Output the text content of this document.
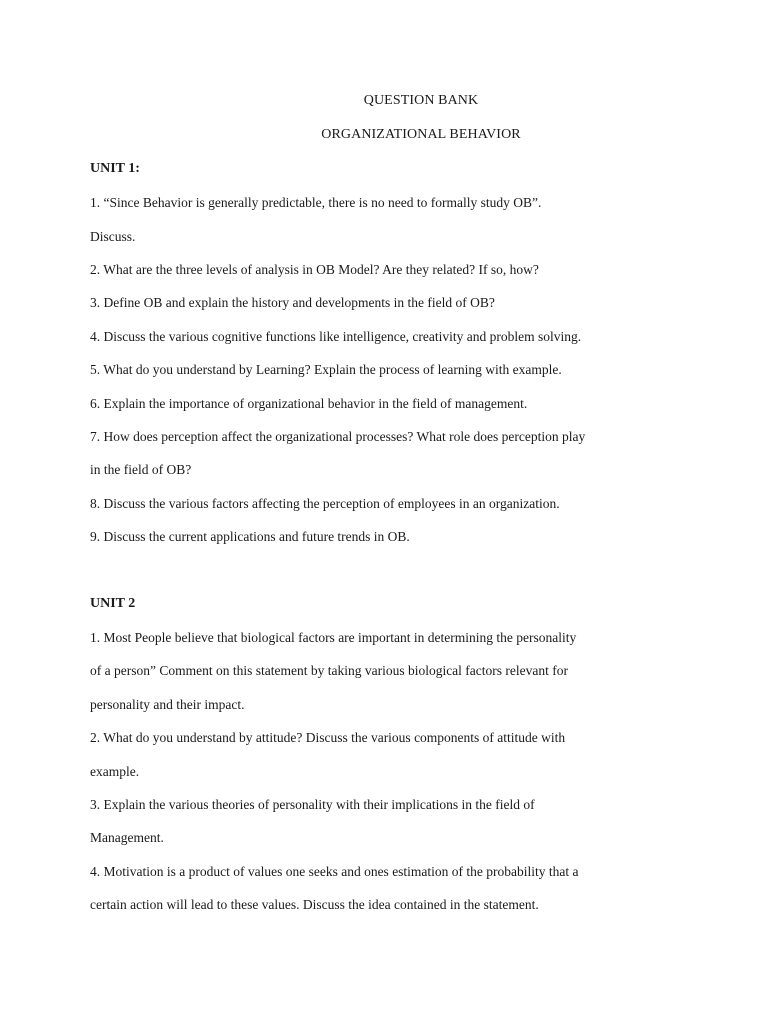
QUESTION BANK
ORGANIZATIONAL BEHAVIOR
UNIT 1:
1. “Since Behavior is generally predictable, there is no need to formally study OB”.
Discuss.
2. What are the three levels of analysis in OB Model? Are they related? If so, how?
3. Define OB and explain the history and developments in the field of OB?
4. Discuss the various cognitive functions like intelligence, creativity and problem solving.
5. What do you understand by Learning? Explain the process of learning with example.
6. Explain the importance of organizational behavior in the field of management.
7. How does perception affect the organizational processes? What role does perception play
in the field of OB?
8. Discuss the various factors affecting the perception of employees in an organization.
9. Discuss the current applications and future trends in OB.
UNIT 2
1. Most People believe that biological factors are important in determining the personality
of a person” Comment on this statement by taking various biological factors relevant for
personality and their impact.
2. What do you understand by attitude? Discuss the various components of attitude with
example.
3. Explain the various theories of personality with their implications in the field of
Management.
4. Motivation is a product of values one seeks and ones estimation of the probability that a
certain action will lead to these values. Discuss the idea contained in the statement.
